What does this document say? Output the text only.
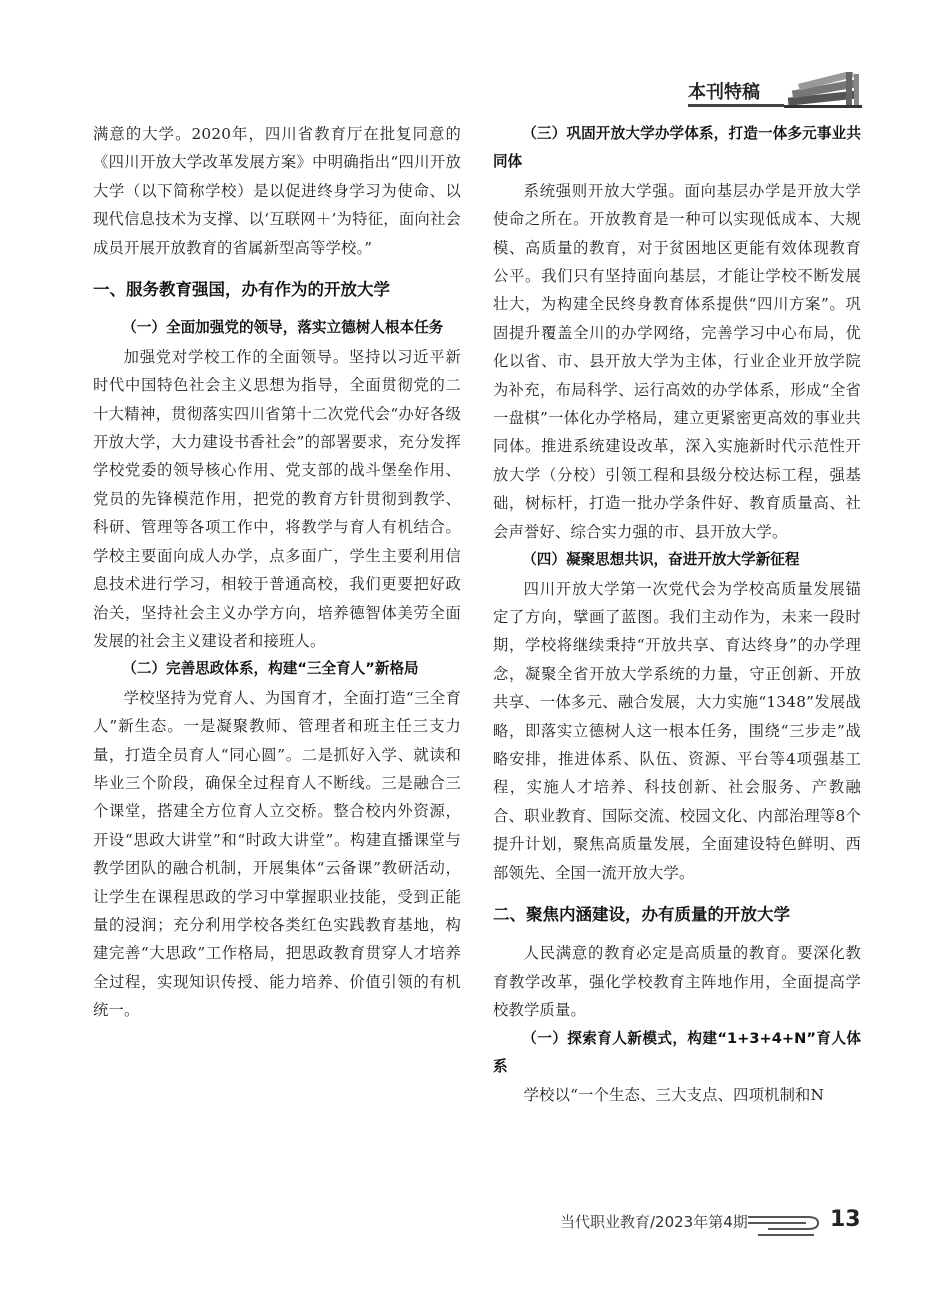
本刊特稿

满意的大学。2020年，四川省教育厅在批复同意的《四川开放大学改革发展方案》中明确指出“四川开放大学（以下简称学校）是以促进终身学习为使命、以现代信息技术为支撑、以‘互联网＋’为特征，面向社会成员开展开放教育的省属新型高等学校。”

一、服务教育强国，办有作为的开放大学

（一）全面加强党的领导，落实立德树人根本任务

加强党对学校工作的全面领导。坚持以习近平新时代中国特色社会主义思想为指导，全面贯彻党的二十大精神，贯彻落实四川省第十二次党代会“办好各级开放大学，大力建设书香社会”的部署要求，充分发挥学校党委的领导核心作用、党支部的战斗堡垒作用、党员的先锋模范作用，把党的教育方针贯彻到教学、科研、管理等各项工作中，将教学与育人有机结合。学校主要面向成人办学，点多面广，学生主要利用信息技术进行学习，相较于普通高校，我们更要把好政治关，坚持社会主义办学方向，培养德智体美劳全面发展的社会主义建设者和接班人。

（二）完善思政体系，构建“三全育人”新格局

学校坚持为党育人、为国育才，全面打造“三全育人”新生态。一是凝聚教师、管理者和班主任三支力量，打造全员育人“同心圆”。二是抓好入学、就读和毕业三个阶段，确保全过程育人不断线。三是融合三个课堂，搭建全方位育人立交桥。整合校内外资源，开设“思政大讲堂”和“时政大讲堂”。构建直播课堂与教学团队的融合机制，开展集体“云备课”教研活动，让学生在课程思政的学习中掌握职业技能，受到正能量的浸润；充分利用学校各类红色实践教育基地，构建完善“大思政”工作格局，把思政教育贯穿人才培养全过程，实现知识传授、能力培养、价值引领的有机统一。

（三）巩固开放大学办学体系，打造一体多元事业共同体

系统强则开放大学强。面向基层办学是开放大学使命之所在。开放教育是一种可以实现低成本、大规模、高质量的教育，对于贫困地区更能有效体现教育公平。我们只有坚持面向基层，才能让学校不断发展壮大，为构建全民终身教育体系提供“四川方案”。巩固提升覆盖全川的办学网络，完善学习中心布局，优化以省、市、县开放大学为主体，行业企业开放学院为补充，布局科学、运行高效的办学体系，形成“全省一盘棋”一体化办学格局，建立更紧密更高效的事业共同体。推进系统建设改革，深入实施新时代示范性开放大学（分校）引领工程和县级分校达标工程，强基础，树标杆，打造一批办学条件好、教育质量高、社会声誉好、综合实力强的市、县开放大学。

（四）凝聚思想共识，奋进开放大学新征程

四川开放大学第一次党代会为学校高质量发展锚定了方向，擘画了蓝图。我们主动作为，未来一段时期，学校将继续秉持“开放共享、育达终身”的办学理念，凝聚全省开放大学系统的力量，守正创新、开放共享、一体多元、融合发展，大力实施“1348”发展战略，即落实立德树人这一根本任务，围绕“三步走”战略安排，推进体系、队伍、资源、平台等4项强基工程，实施人才培养、科技创新、社会服务、产教融合、职业教育、国际交流、校园文化、内部治理等8个提升计划，聚焦高质量发展，全面建设特色鲜明、西部领先、全国一流开放大学。

二、聚焦内涵建设，办有质量的开放大学

人民满意的教育必定是高质量的教育。要深化教育教学改革，强化学校教育主阵地作用，全面提高学校教学质量。

（一）探索育人新模式，构建“1+3+4+N”育人体系

学校以“一个生态、三大支点、四项机制和N

当代职业教育/2023年第4期	13
